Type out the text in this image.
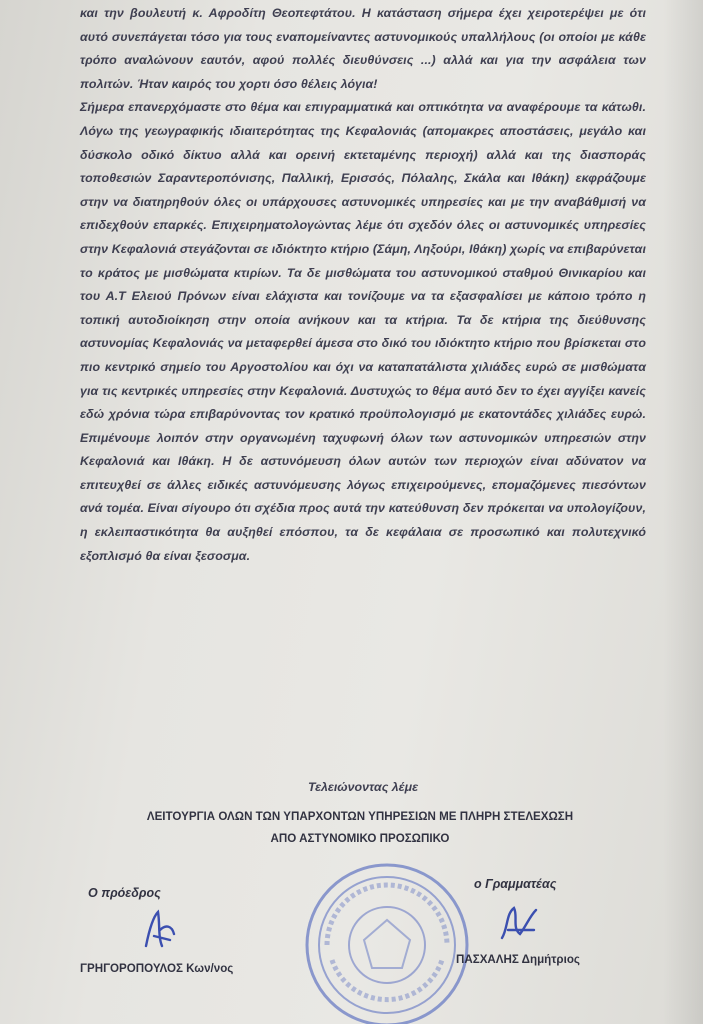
και την βουλευτή κ. Αφροδίτη Θεοπεφτάτου. Η κατάσταση σήμερα έχει χειροτερέψει με ότι αυτό συνεπάγεται τόσο για τους εναπομείναντες αστυνομικούς υπαλλήλους (οι οποίοι με κάθε τρόπο αναλώνουν εαυτόν, αφού πολλές διευθύνσεις ...) αλλά και για την ασφάλεια των πολιτών. Ήταν καιρός του χορτι όσο θέλεις λόγια!

Σήμερα επανερχόμαστε στο θέμα και επιγραμματικά και οπτικότητα να αναφέρουμε τα κάτωθι. Λόγω της γεωγραφικής ιδιαιτερότητας της Κεφαλονιάς (απομακρες αποστάσεις, μεγάλο και δύσκολο οδικό δίκτυο αλλά και ορεινή εκτεταμένης περιοχή) αλλά και της διασποράς τοποθεσιών Σαραντεροπόνισης, Παλλική, Ερισσός, Πόλαλης, Σκάλα και Ιθάκη) εκφράζουμε στην να διατηρηθούν όλες οι υπάρχουσες αστυνομικές υπηρεσίες και με την αναβάθμισή να επιδεχθούν επαρκές. Επιχειρηματολογώντας λέμε ότι σχεδόν όλες οι αστυνομικές υπηρεσίες στην Κεφαλονιά στεγάζονται σε ιδιόκτητο κτήριο (Σάμη, Ληξούρι, Ιθάκη) χωρίς να επιβαρύνεται το κράτος με μισθώματα κτιρίων. Τα δε μισθώματα του αστυνομικού σταθμού Θινικαρίου και του Α.Τ Ελειού Πρόνων είναι ελάχιστα και τονίζουμε να τα εξασφαλίσει με κάποιο τρόπο η τοπική αυτοδιοίκηση στην οποία ανήκουν και τα κτήρια. Τα δε κτήρια της διεύθυνσης αστυνομίας Κεφαλονιάς να μεταφερθεί άμεσα στο δικό του ιδιόκτητο κτήριο που βρίσκεται στο πιο κεντρικό σημείο του Αργοστολίου και όχι να καταπατάλιστα χιλιάδες ευρώ σε μισθώματα για τις κεντρικές υπηρεσίες στην Κεφαλονιά. Δυστυχώς το θέμα αυτό δεν το έχει αγγίξει κανείς εδώ χρόνια τώρα επιβαρύνοντας τον κρατικό προϋπολογισμό με εκατοντάδες χιλιάδες ευρώ. Επιμένουμε λοιπόν στην οργανωμένη ταχυφωνή όλων των αστυνομικών υπηρεσιών στην Κεφαλονιά και Ιθάκη. Η δε αστυνόμευση όλων αυτών των περιοχών είναι αδύνατον να επιτευχθεί σε άλλες ειδικές αστυνόμευσης λόγως επιχειρούμενες, επομαζόμενες πιεσόντων ανά τομέα. Είναι σίγουρο ότι σχέδια προς αυτά την κατεύθυνση δεν πρόκειται να υπολογίζουν, η εκλειπαστικότητα θα αυξηθεί επόσπου, τα δε κεφάλαια σε προσωπικό και πολυτεχνικό εξοπλισμό θα είναι ξεσοσμα.

Τελειώνοντας λέμε
ΛΕΙΤΟΥΡΓΙΑ ΟΛΩΝ ΤΩΝ ΥΠΑΡΧΟΝΤΩΝ ΥΠΗΡΕΣΙΩΝ ΜΕ ΠΛΗΡΗ ΣΤΕΛΕΧΩΣΗ
ΑΠΟ ΑΣΤΥΝΟΜΙΚΟ ΠΡΟΣΩΠΙΚΟ
Ο πρόεδρος
ο Γραμματέας
ΓΡΗΓΟΡΟΠΟΥΛΟΣ Κων/νος
ΠΑΣΧΑΛΗΣ Δημήτριος
